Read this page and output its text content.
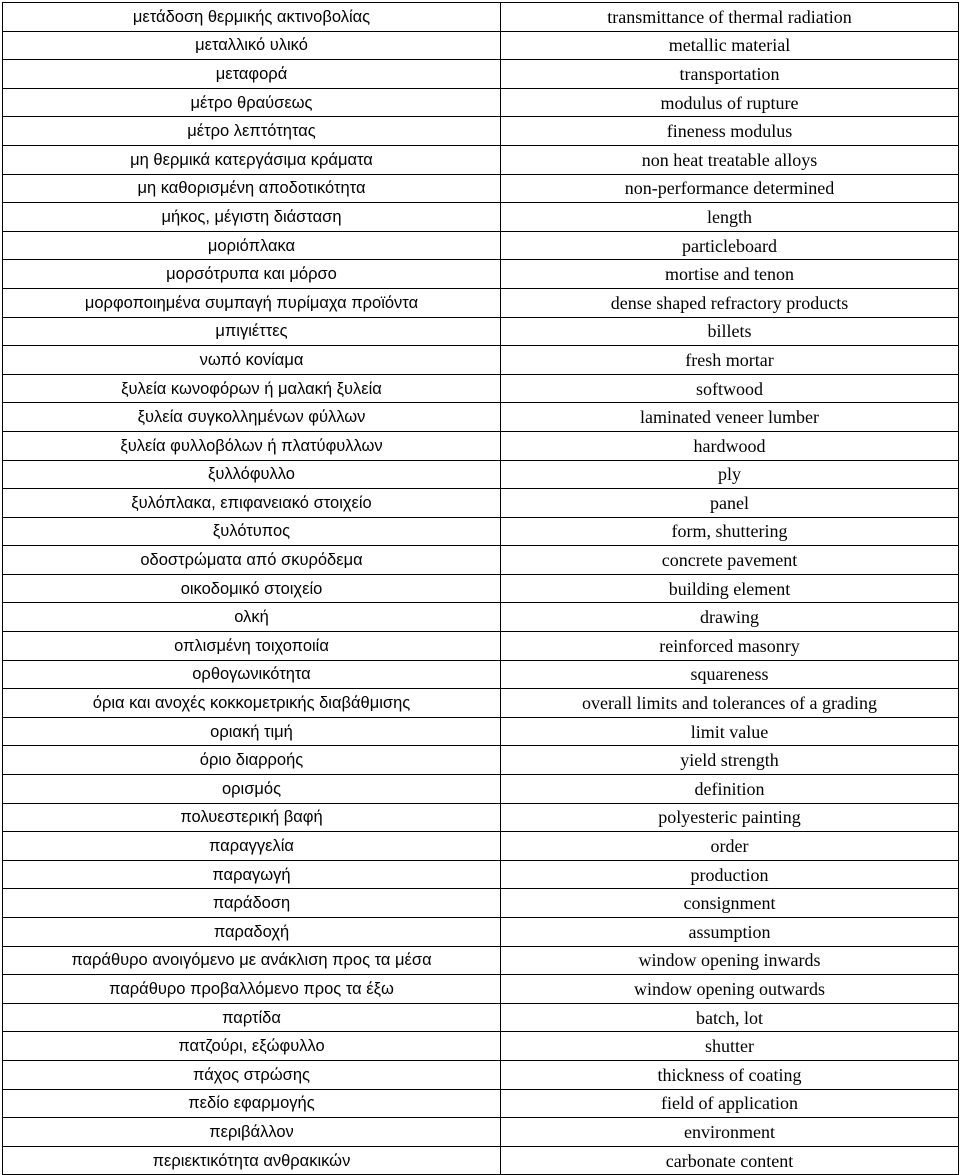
μετάδοση θερμικής ακτινοβολίας	transmittance of thermal radiation
μεταλλικό υλικό	metallic material
μεταφορά	transportation
μέτρο θραύσεως	modulus of rupture
μέτρο λεπτότητας	fineness modulus
μη θερμικά κατεργάσιμα κράματα	non heat treatable alloys
μη καθορισμένη αποδοτικότητα	non-performance determined
μήκος, μέγιστη διάσταση	length
μοριόπλακα	particleboard
μορσότρυπα και μόρσο	mortise and tenon
μορφοποιημένα συμπαγή πυρίμαχα προϊόντα	dense shaped refractory products
μπιγιέττες	billets
νωπό κονίαμα	fresh mortar
ξυλεία κωνοφόρων ή μαλακή ξυλεία	softwood
ξυλεία συγκολλημένων φύλλων	laminated veneer lumber
ξυλεία φυλλοβόλων ή πλατύφυλλων	hardwood
ξυλλόφυλλο	ply
ξυλόπλακα, επιφανειακό στοιχείο	panel
ξυλότυπος	form, shuttering
οδοστρώματα από σκυρόδεμα	concrete pavement
οικοδομικό στοιχείο	building element
ολκή	drawing
οπλισμένη τοιχοποιία	reinforced masonry
ορθογωνικότητα	squareness
όρια και ανοχές κοκκομετρικής διαβάθμισης	overall limits and tolerances of a grading
οριακή τιμή	limit value
όριο διαρροής	yield strength
ορισμός	definition
πολυεστερική βαφή	polyesteric painting
παραγγελία	order
παραγωγή	production
παράδοση	consignment
παραδοχή	assumption
παράθυρο ανοιγόμενο με ανάκλιση προς τα μέσα	window opening inwards
παράθυρο προβαλλόμενο προς τα έξω	window opening outwards
παρτίδα	batch, lot
πατζούρι, εξώφυλλο	shutter
πάχος στρώσης	thickness of coating
πεδίο εφαρμογής	field of application
περιβάλλον	environment
περιεκτικότητα ανθρακικών	carbonate content
